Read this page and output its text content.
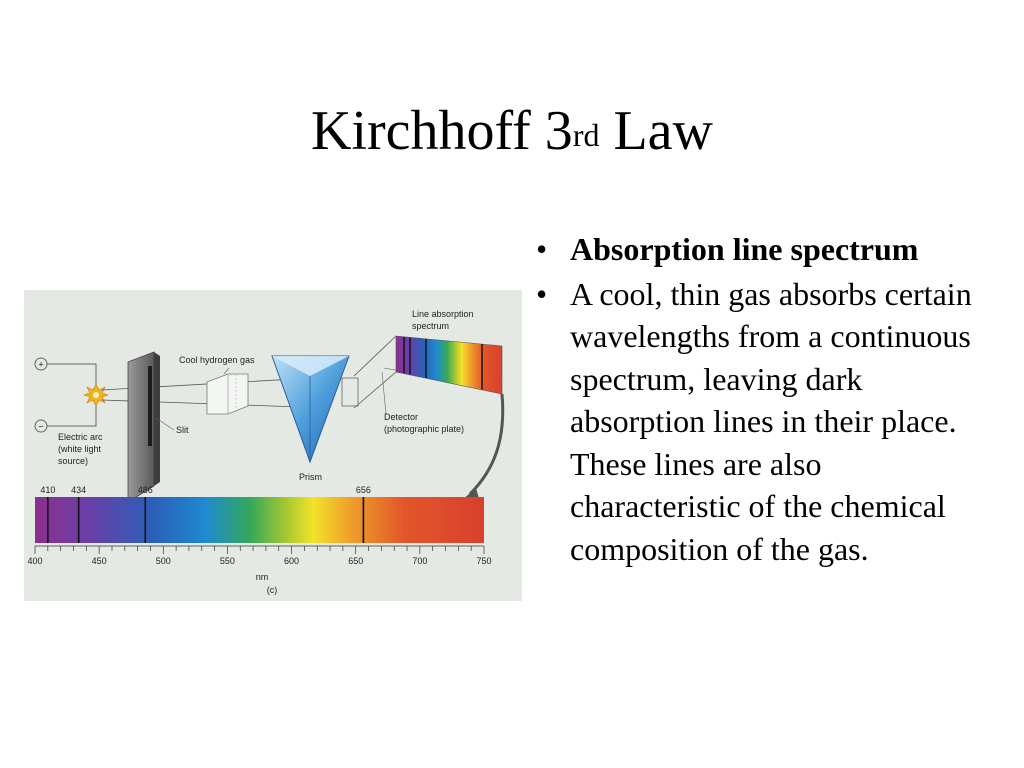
Kirchhoff 3rd Law
+
−
Electric arc
(white light
source)
Slit
Cool hydrogen gas
Prism
Line absorption
spectrum
Detector
(photographic plate)
410 434	486	656
400	450	500	550	600	650	700	750
nm
(c)
• Absorption line spectrum
• A cool, thin gas absorbs certain wavelengths from a continuous spectrum, leaving dark absorption lines in their place. These lines are also characteristic of the chemical composition of the gas.
